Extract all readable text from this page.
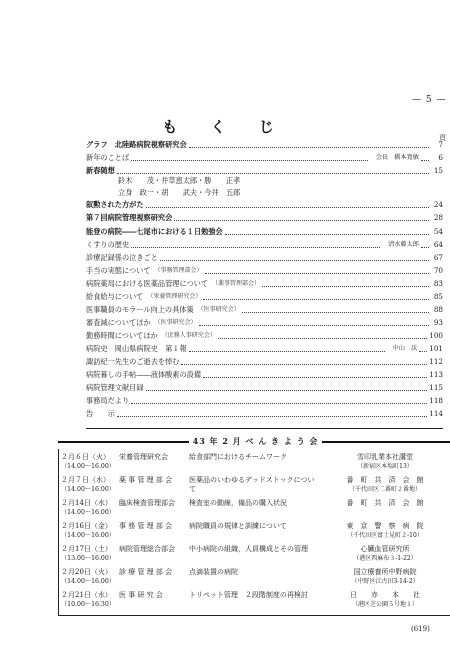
— 5 —
も く じ
頁
グラフ　北陸路病院視察研究会	7
新年のことば	会長　橋本寛敏	6
新春随想	15
叙勲された方がた	24
第７回病院管理視察研究会	28
能登の病院――七尾市における１日勉強会	54
くすりの歴史	清水藤太郎	64
診療記録係の泣きごと	67
手当の実態について （事務管理部会）	70
病院薬局における医薬品管理について （薬事管理部会）	83
給食給与について （栄養管理研究会）	85
医事職員のモラール向上の具体策 （医事研究会）	88
審査減についてほか （医事研究会）	93
勤務時間についてほか （庶務人事研究会）	100
病院史　岡山県病院史　第１報	中山　沃 101
諏訪紀一先生のご逝去を悼む	112
病院暮しの手帖――液体酸素の設備	113
病院管理文献目録	115
事務局だより	118
告　　示	114
鈴木　　茂・井草恵太郎・勝　　正孝
立身　政一・胡　　武夫・今井　五郎
43 年 2 月 べ ん き よ う 会
２月６日（火）
（14.00～16.00）
栄養管理研究会	給食部門におけるチームワーク	雪印乳業本社講堂
（新宿区本塩町13）
２月７日（水）
（14.00～16.00）
薬 事 管 理 部 会	医薬品のいわゆるデッドストックについて
番　町　共　済　会　館
（千代田区二番町２番地）
２月14日（水）
（14.00～16.00）
臨床検査管理部会	検査室の動線，備品の購入状況	番　町　共　済　会　館
２月16日（金）
（14.00～16.00）
事 務 管 理 部 会	病院職員の規律と訓練について	東　京　警　察　病　院
（千代田区富士見町２-10）
２月17日（土）
（13.00～16.00）
病院管理総合部会	中小病院の組織，人員構成とその管理	心臓血管研究所
（港区西麻布３-1-22）
２月20日（火）
（14.00～16.00）
診 療 管 理 部 会	点滴装置の病院	国立療養所中野病院
（中野区江古田3-14-2）
２月21日（水）
（10.00～16.30）
医 事 研 究 会	トリペット管理　２段階制度の再検討	日　　赤　　本　　社
（港区芝公園５号地１）
(619)
